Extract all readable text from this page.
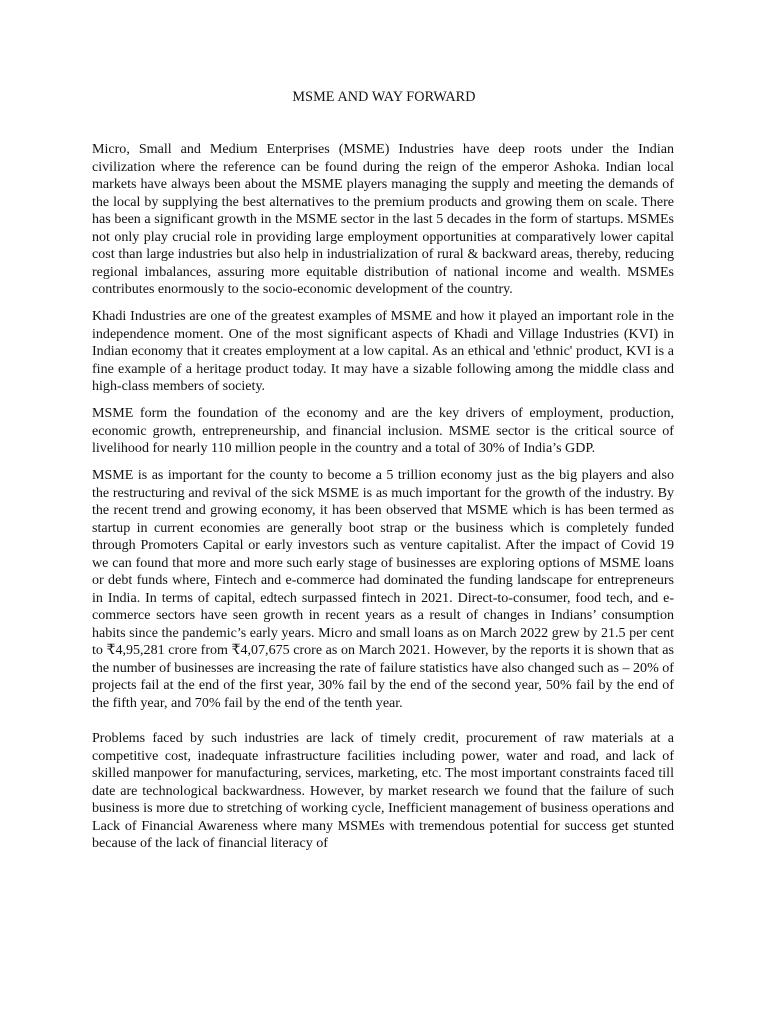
MSME AND WAY FORWARD

Micro, Small and Medium Enterprises (MSME) Industries have deep roots under the Indian civilization where the reference can be found during the reign of the emperor Ashoka. Indian local markets have always been about the MSME players managing the supply and meeting the demands of the local by supplying the best alternatives to the premium products and growing them on scale. There has been a significant growth in the MSME sector in the last 5 decades in the form of startups. MSMEs not only play crucial role in providing large employment opportunities at comparatively lower capital cost than large industries but also help in industrialization of rural & backward areas, thereby, reducing regional imbalances, assuring more equitable distribution of national income and wealth. MSMEs contributes enormously to the socio-economic development of the country.

Khadi Industries are one of the greatest examples of MSME and how it played an important role in the independence moment. One of the most significant aspects of Khadi and Village Industries (KVI) in Indian economy that it creates employment at a low capital. As an ethical and 'ethnic' product, KVI is a fine example of a heritage product today. It may have a sizable following among the middle class and high-class members of society.

MSME form the foundation of the economy and are the key drivers of employment, production, economic growth, entrepreneurship, and financial inclusion. MSME sector is the critical source of livelihood for nearly 110 million people in the country and a total of 30% of India’s GDP.

MSME is as important for the county to become a 5 trillion economy just as the big players and also the restructuring and revival of the sick MSME is as much important for the growth of the industry. By the recent trend and growing economy, it has been observed that MSME which is has been termed as startup in current economies are generally boot strap or the business which is completely funded through Promoters Capital or early investors such as venture capitalist. After the impact of Covid 19 we can found that more and more such early stage of businesses are exploring options of MSME loans or debt funds where, Fintech and e-commerce had dominated the funding landscape for entrepreneurs in India. In terms of capital, edtech surpassed fintech in 2021. Direct-to-consumer, food tech, and e-commerce sectors have seen growth in recent years as a result of changes in Indians’ consumption habits since the pandemic’s early years. Micro and small loans as on March 2022 grew by 21.5 per cent to ₹4,95,281 crore from ₹4,07,675 crore as on March 2021. However, by the reports it is shown that as the number of businesses are increasing the rate of failure statistics have also changed such as – 20% of projects fail at the end of the first year, 30% fail by the end of the second year, 50% fail by the end of the fifth year, and 70% fail by the end of the tenth year.

Problems faced by such industries are lack of timely credit, procurement of raw materials at a competitive cost, inadequate infrastructure facilities including power, water and road, and lack of skilled manpower for manufacturing, services, marketing, etc. The most important constraints faced till date are technological backwardness. However, by market research we found that the failure of such business is more due to stretching of working cycle, Inefficient management of business operations and Lack of Financial Awareness where many MSMEs with tremendous potential for success get stunted because of the lack of financial literacy of
